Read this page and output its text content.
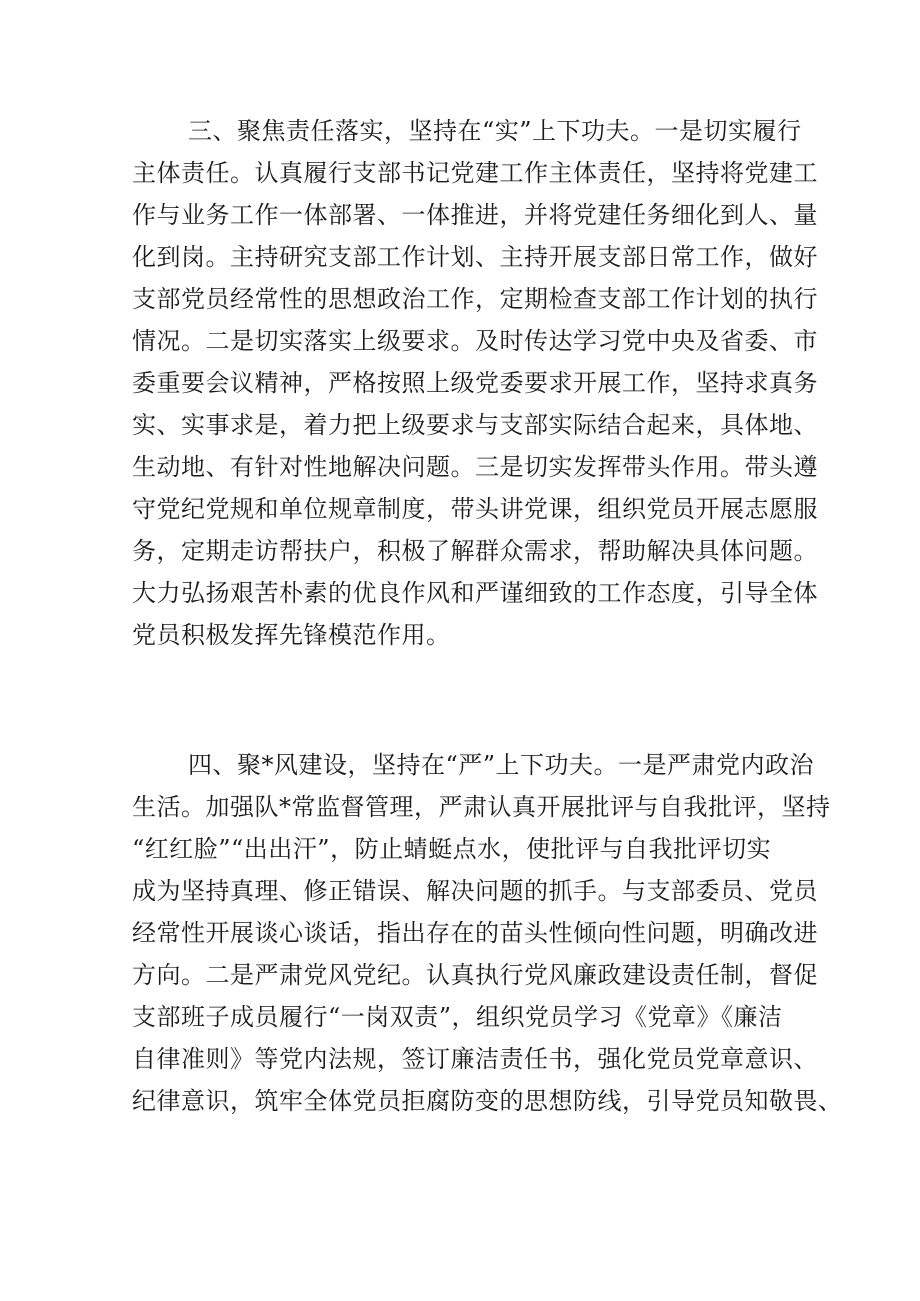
三、聚焦责任落实，坚持在“实”上下功夫。一是切实履行
主体责任。认真履行支部书记党建工作主体责任，坚持将党建工
作与业务工作一体部署、一体推进，并将党建任务细化到人、量
化到岗。主持研究支部工作计划、主持开展支部日常工作，做好
支部党员经常性的思想政治工作，定期检查支部工作计划的执行
情况。二是切实落实上级要求。及时传达学习党中央及省委、市
委重要会议精神，严格按照上级党委要求开展工作，坚持求真务
实、实事求是，着力把上级要求与支部实际结合起来，具体地、
生动地、有针对性地解决问题。三是切实发挥带头作用。带头遵
守党纪党规和单位规章制度，带头讲党课，组织党员开展志愿服
务，定期走访帮扶户，积极了解群众需求，帮助解决具体问题。
大力弘扬艰苦朴素的优良作风和严谨细致的工作态度，引导全体
党员积极发挥先锋模范作用。
四、聚*风建设，坚持在“严”上下功夫。一是严肃党内政治
生活。加强队*常监督管理，严肃认真开展批评与自我批评，坚持
“红红脸”“出出汗”，防止蜻蜓点水，使批评与自我批评切实
成为坚持真理、修正错误、解决问题的抓手。与支部委员、党员
经常性开展谈心谈话，指出存在的苗头性倾向性问题，明确改进
方向。二是严肃党风党纪。认真执行党风廉政建设责任制，督促
支部班子成员履行“一岗双责”，组织党员学习《党章》《廉洁
自律准则》等党内法规，签订廉洁责任书，强化党员党章意识、
纪律意识，筑牢全体党员拒腐防变的思想防线，引导党员知敬畏、
